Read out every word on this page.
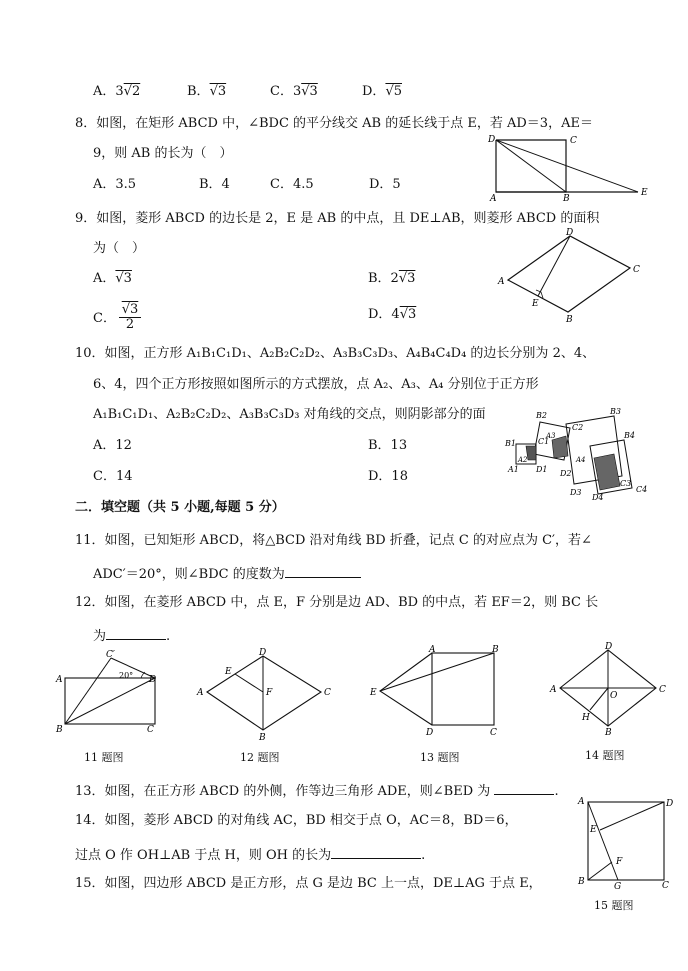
A．3√2	B．√3	C．3√3	D．√5
8．如图，在矩形 ABCD 中，∠BDC 的平分线交 AB 的延长线于点 E，若 AD＝3，AE＝
9，则 AB 的长为（　）
A．3.5	B．4	C．4.5	D．5
A	B
C
D
E
9．如图，菱形 ABCD 的边长是 2，E 是 AB 的中点，且 DE⊥AB，则菱形 ABCD 的面积
为（　）
A．√3	B．2√3
C．
√3
2
D．4√3
A
B
C
D
E
10．如图，正方形 A₁B₁C₁D₁、A₂B₂C₂D₂、A₃B₃C₃D₃、A₄B₄C₄D₄ 的边长分别为 2、4、
6、4，四个正方形按照如图所示的方式摆放，点 A₂、A₃、A₄ 分别位于正方形
A₁B₁C₁D₁、A₂B₂C₂D₂、A₃B₃C₃D₃ 对角线的交点，则阴影部分的面
A．12	B．13
C．14	D．18
B1	C1
A1 D1
A2
B2
C2
D2
A3
B3
C3
D3
A4
B4
C4
D4
二．填空题（共 5 小题,每题 5 分）
11．如图，已知矩形 ABCD，将△BCD 沿对角线 BD 折叠，记点 C 的对应点为 C′，若∠
ADC′＝20°，则∠BDC 的度数为
12．如图，在菱形 ABCD 中，点 E，F 分别是边 AD、BD 的中点，若 EF＝2，则 BC 长
为	.
A
B	C
D
C′
20°
11 题图
A
B
C
D
E
F
12 题图
A	B
C
D
E
13 题图
A
B
C
D
O
H
14 题图
13．如图，在正方形 ABCD 的外侧，作等边三角形 ADE，则∠BED 为	.
14．如图，菱形 ABCD 的对角线 AC，BD 相交于点 O，AC＝8，BD＝6，
过点 O 作 OH⊥AB 于点 H，则 OH 的长为	.
15．如图，四边形 ABCD 是正方形，点 G 是边 BC 上一点，DE⊥AG 于点 E，
A
B	C
D
E
F
G
15 题图
